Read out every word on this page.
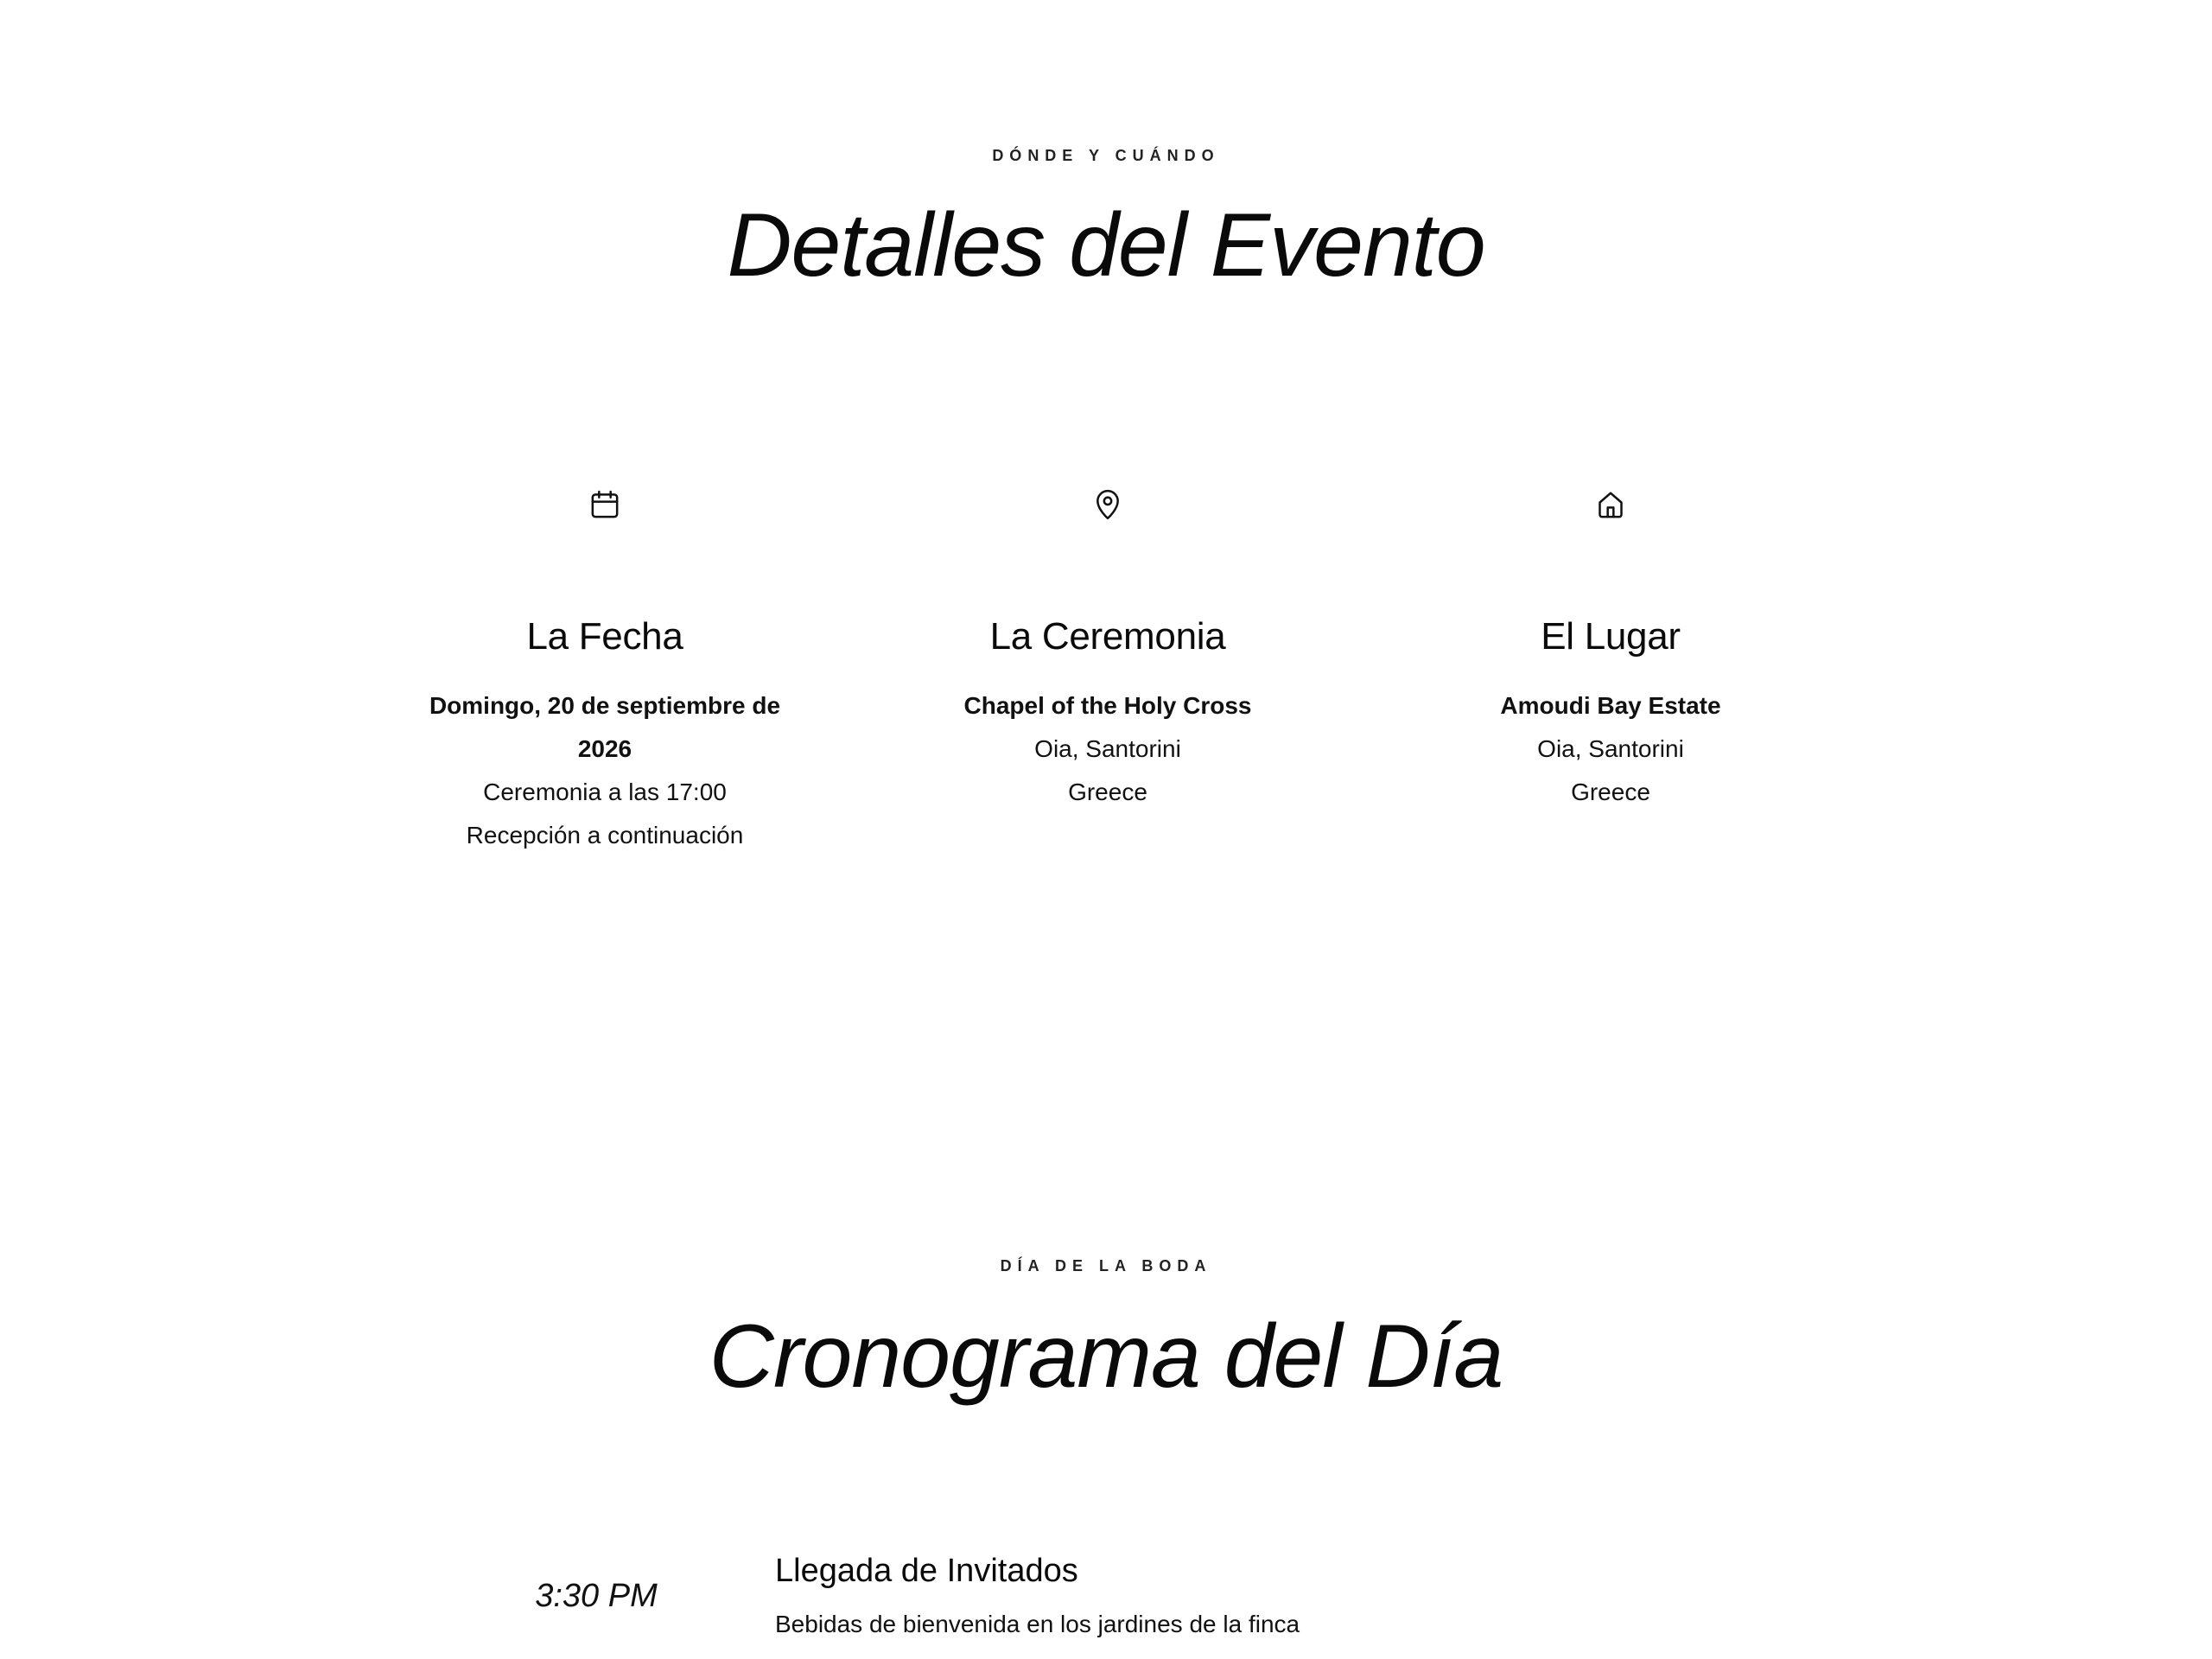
DÓNDE Y CUÁNDO
Detalles del Evento
La Fecha
Domingo, 20 de septiembre de
2026
Ceremonia a las 17:00
Recepción a continuación
La Ceremonia
Chapel of the Holy Cross
Oia, Santorini
Greece
El Lugar
Amoudi Bay Estate
Oia, Santorini
Greece
DÍA DE LA BODA
Cronograma del Día
3:30 PM
Llegada de Invitados
Bebidas de bienvenida en los jardines de la finca
